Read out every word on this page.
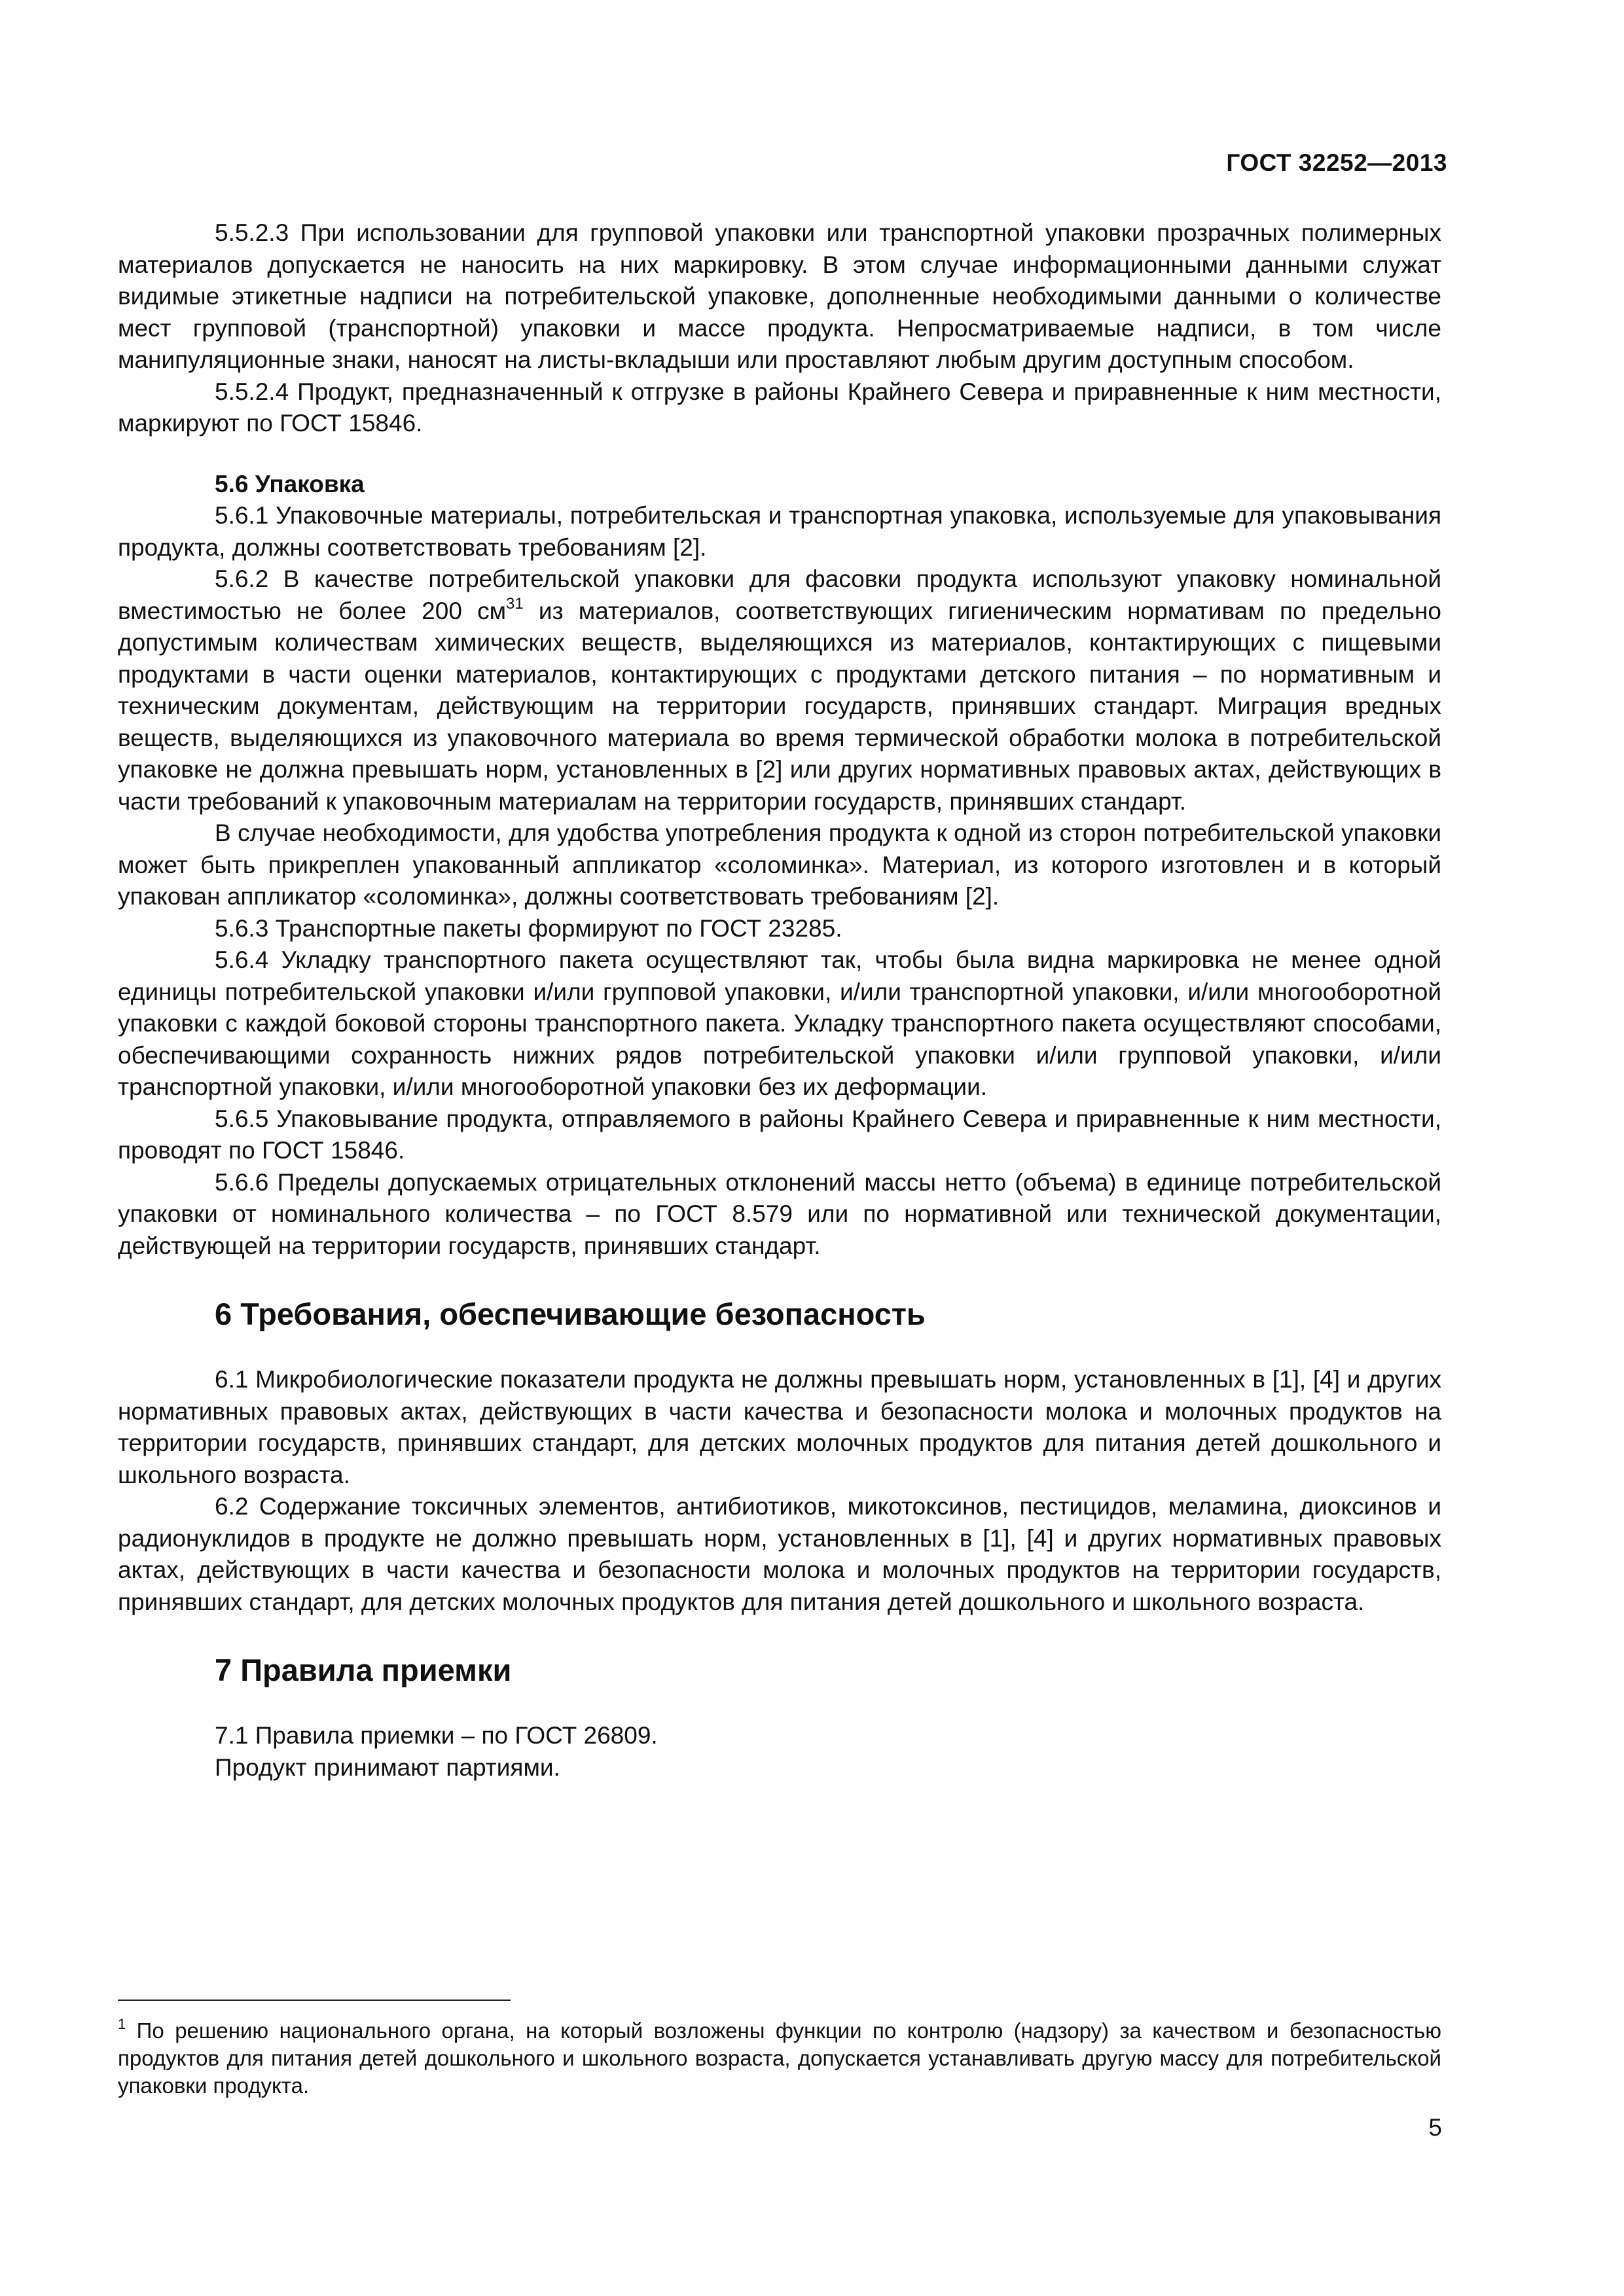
ГОСТ 32252—2013

5.5.2.3 При использовании для групповой упаковки или транспортной упаковки прозрачных полимерных материалов допускается не наносить на них маркировку. В этом случае информационными данными служат видимые этикетные надписи на потребительской упаковке, дополненные необходимыми данными о количестве мест групповой (транспортной) упаковки и массе продукта. Непросматриваемые надписи, в том числе манипуляционные знаки, наносят на листы-вкладыши или проставляют любым другим доступным способом.

5.5.2.4 Продукт, предназначенный к отгрузке в районы Крайнего Севера и приравненные к ним местности, маркируют по ГОСТ 15846.

5.6 Упаковка

5.6.1 Упаковочные материалы, потребительская и транспортная упаковка, используемые для упаковывания продукта, должны соответствовать требованиям [2].

5.6.2 В качестве потребительской упаковки для фасовки продукта используют упаковку номинальной вместимостью не более 200 $см^{31}$ из материалов, соответствующих гигиеническим нормативам по предельно допустимым количествам химических веществ, выделяющихся из материалов, контактирующих с пищевыми продуктами в части оценки материалов, контактирующих с продуктами детского питания – по нормативным и техническим документам, действующим на территории государств, принявших стандарт. Миграция вредных веществ, выделяющихся из упаковочного материала во время термической обработки молока в потребительской упаковке не должна превышать норм, установленных в [2] или других нормативных правовых актах, действующих в части требований к упаковочным материалам на территории государств, принявших стандарт.

В случае необходимости, для удобства употребления продукта к одной из сторон потребительской упаковки может быть прикреплен упакованный аппликатор «соломинка». Материал, из которого изготовлен и в который упакован аппликатор «соломинка», должны соответствовать требованиям [2].

5.6.3 Транспортные пакеты формируют по ГОСТ 23285.

5.6.4 Укладку транспортного пакета осуществляют так, чтобы была видна маркировка не менее одной единицы потребительской упаковки и/или групповой упаковки, и/или транспортной упаковки, и/или многооборотной упаковки с каждой боковой стороны транспортного пакета. Укладку транспортного пакета осуществляют способами, обеспечивающими сохранность нижних рядов потребительской упаковки и/или групповой упаковки, и/или транспортной упаковки, и/или многооборотной упаковки без их деформации.

5.6.5 Упаковывание продукта, отправляемого в районы Крайнего Севера и приравненные к ним местности, проводят по ГОСТ 15846.

5.6.6 Пределы допускаемых отрицательных отклонений массы нетто (объема) в единице потребительской упаковки от номинального количества – по ГОСТ 8.579 или по нормативной или технической документации, действующей на территории государств, принявших стандарт.

6 Требования, обеспечивающие безопасность

6.1 Микробиологические показатели продукта не должны превышать норм, установленных в [1], [4] и других нормативных правовых актах, действующих в части качества и безопасности молока и молочных продуктов на территории государств, принявших стандарт, для детских молочных продуктов для питания детей дошкольного и школьного возраста.

6.2 Содержание токсичных элементов, антибиотиков, микотоксинов, пестицидов, меламина, диоксинов и радионуклидов в продукте не должно превышать норм, установленных в [1], [4] и других нормативных правовых актах, действующих в части качества и безопасности молока и молочных продуктов на территории государств, принявших стандарт, для детских молочных продуктов для питания детей дошкольного и школьного возраста.

7 Правила приемки

7.1 Правила приемки – по ГОСТ 26809.

Продукт принимают партиями.

$^1$ По решению национального органа, на который возложены функции по контролю (надзору) за качеством и безопасностью продуктов для питания детей дошкольного и школьного возраста, допускается устанавливать другую массу для потребительской упаковки продукта.
5
